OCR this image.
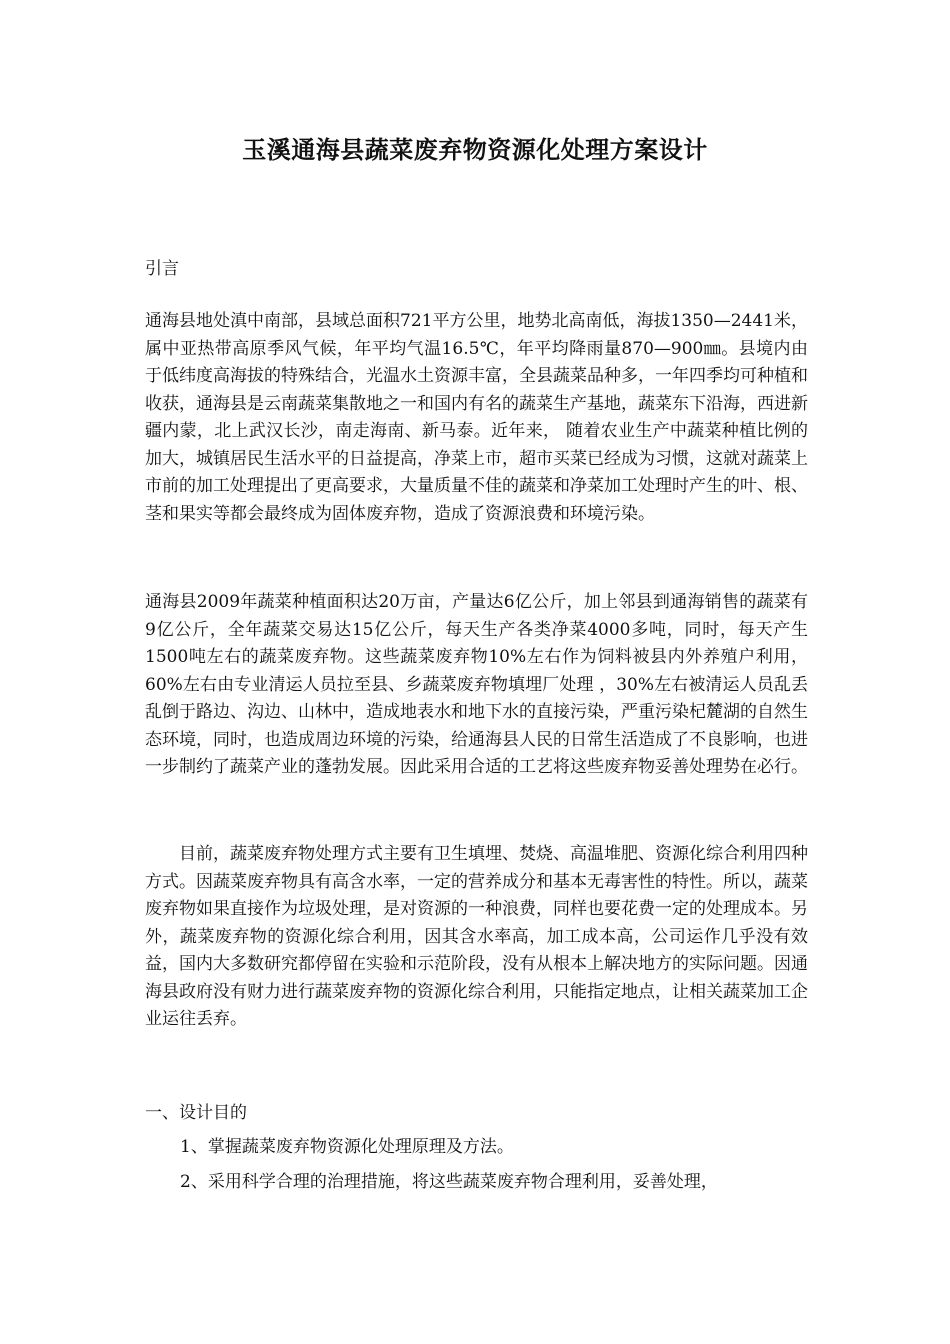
玉溪通海县蔬菜废弃物资源化处理方案设计

引言

通海县地处滇中南部，县域总面积721平方公里，地势北高南低，海拔1350—2441米，属中亚热带高原季风气候，年平均气温16.5℃，年平均降雨量870—900㎜。县境内由于低纬度高海拔的特殊结合，光温水土资源丰富，全县蔬菜品种多，一年四季均可种植和收获，通海县是云南蔬菜集散地之一和国内有名的蔬菜生产基地，蔬菜东下沿海，西进新疆内蒙，北上武汉长沙，南走海南、新马泰。近年来， 随着农业生产中蔬菜种植比例的加大，城镇居民生活水平的日益提高，净菜上市，超市买菜已经成为习惯，这就对蔬菜上市前的加工处理提出了更高要求，大量质量不佳的蔬菜和净菜加工处理时产生的叶、根、茎和果实等都会最终成为固体废弃物，造成了资源浪费和环境污染。

通海县2009年蔬菜种植面积达20万亩，产量达6亿公斤，加上邻县到通海销售的蔬菜有9亿公斤，全年蔬菜交易达15亿公斤，每天生产各类净菜4000多吨，同时，每天产生1500吨左右的蔬菜废弃物。这些蔬菜废弃物10%左右作为饲料被县内外养殖户利用，60%左右由专业清运人员拉至县、乡蔬菜废弃物填埋厂处理 ，30%左右被清运人员乱丢乱倒于路边、沟边、山林中，造成地表水和地下水的直接污染，严重污染杞麓湖的自然生态环境，同时，也造成周边环境的污染，给通海县人民的日常生活造成了不良影响，也进一步制约了蔬菜产业的蓬勃发展。因此采用合适的工艺将这些废弃物妥善处理势在必行。

目前，蔬菜废弃物处理方式主要有卫生填埋、焚烧、高温堆肥、资源化综合利用四种方式。因蔬菜废弃物具有高含水率，一定的营养成分和基本无毒害性的特性。所以，蔬菜废弃物如果直接作为垃圾处理，是对资源的一种浪费，同样也要花费一定的处理成本。另外，蔬菜废弃物的资源化综合利用，因其含水率高，加工成本高，公司运作几乎没有效益，国内大多数研究都停留在实验和示范阶段，没有从根本上解决地方的实际问题。因通海县政府没有财力进行蔬菜废弃物的资源化综合利用，只能指定地点，让相关蔬菜加工企业运往丢弃。

一、设计目的

1、掌握蔬菜废弃物资源化处理原理及方法。

2、采用科学合理的治理措施，将这些蔬菜废弃物合理利用，妥善处理，
